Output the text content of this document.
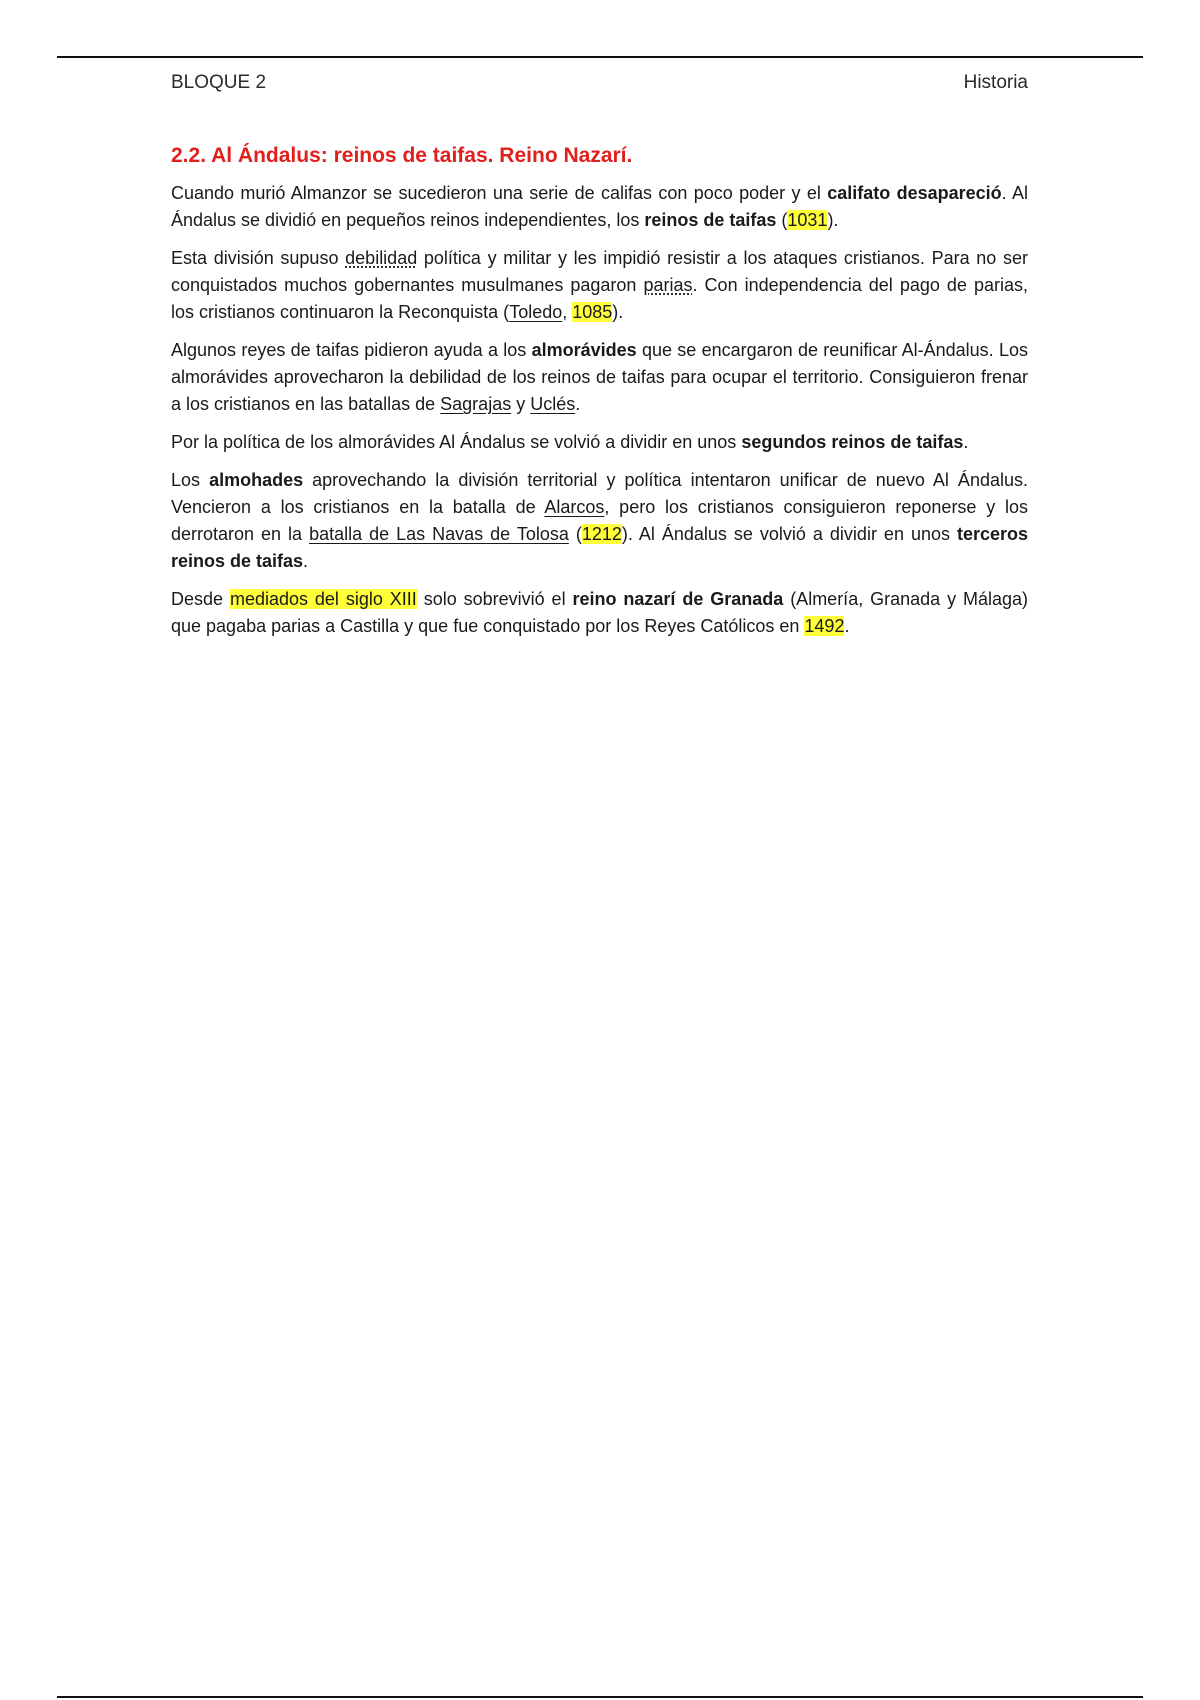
BLOQUE 2	Historia
2.2. Al Ándalus: reinos de taifas. Reino Nazarí.

Cuando murió Almanzor se sucedieron una serie de califas con poco poder y el califato desapareció. Al Ándalus se dividió en pequeños reinos independientes, los reinos de taifas (1031).

Esta división supuso debilidad política y militar y les impidió resistir a los ataques cristianos. Para no ser conquistados muchos gobernantes musulmanes pagaron parias. Con independencia del pago de parias, los cristianos continuaron la Reconquista (Toledo, 1085).

Algunos reyes de taifas pidieron ayuda a los almorávides que se encargaron de reunificar Al-Ándalus. Los almorávides aprovecharon la debilidad de los reinos de taifas para ocupar el territorio. Consiguieron frenar a los cristianos en las batallas de Sagrajas y Uclés.

Por la política de los almorávides Al Ándalus se volvió a dividir en unos segundos reinos de taifas.

Los almohades aprovechando la división territorial y política intentaron unificar de nuevo Al Ándalus. Vencieron a los cristianos en la batalla de Alarcos, pero los cristianos consiguieron reponerse y los derrotaron en la batalla de Las Navas de Tolosa (1212). Al Ándalus se volvió a dividir en unos terceros reinos de taifas.

Desde mediados del siglo XIII solo sobrevivió el reino nazarí de Granada (Almería, Granada y Málaga) que pagaba parias a Castilla y que fue conquistado por los Reyes Católicos en 1492.
